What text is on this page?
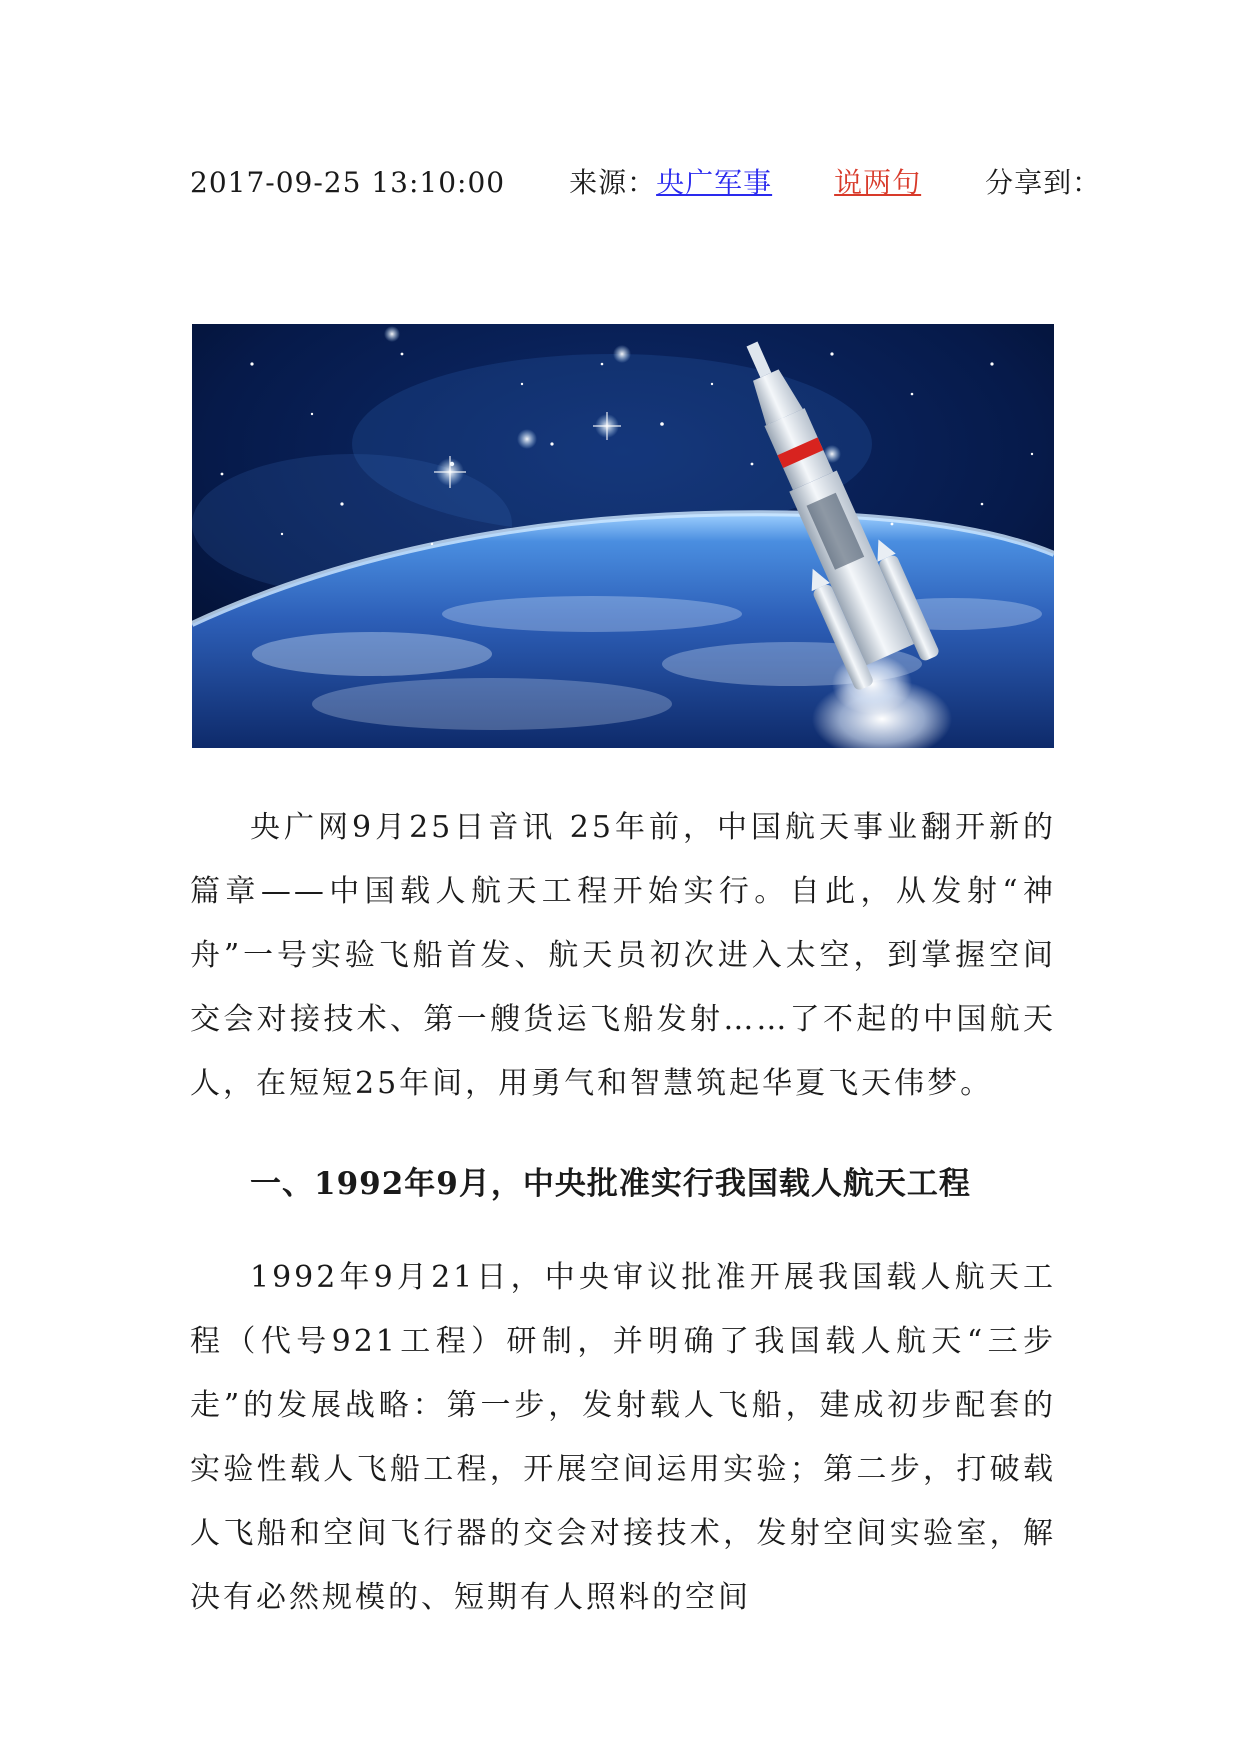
2017-09-25 13:10:00 来源：央广军事 说两句 分享到：

央广网9月25日音讯 25年前，中国航天事业翻开新的篇章——中国载人航天工程开始实行。自此，从发射“神舟”一号实验飞船首发、航天员初次进入太空，到掌握空间交会对接技术、第一艘货运飞船发射……了不起的中国航天人，在短短25年间，用勇气和智慧筑起华夏飞天伟梦。

一、1992年9月，中央批准实行我国载人航天工程

1992年9月21日，中央审议批准开展我国载人航天工程（代号921工程）研制，并明确了我国载人航天“三步走”的发展战略：第一步，发射载人飞船，建成初步配套的实验性载人飞船工程，开展空间运用实验；第二步，打破载人飞船和空间飞行器的交会对接技术，发射空间实验室，解决有必然规模的、短期有人照料的空间
